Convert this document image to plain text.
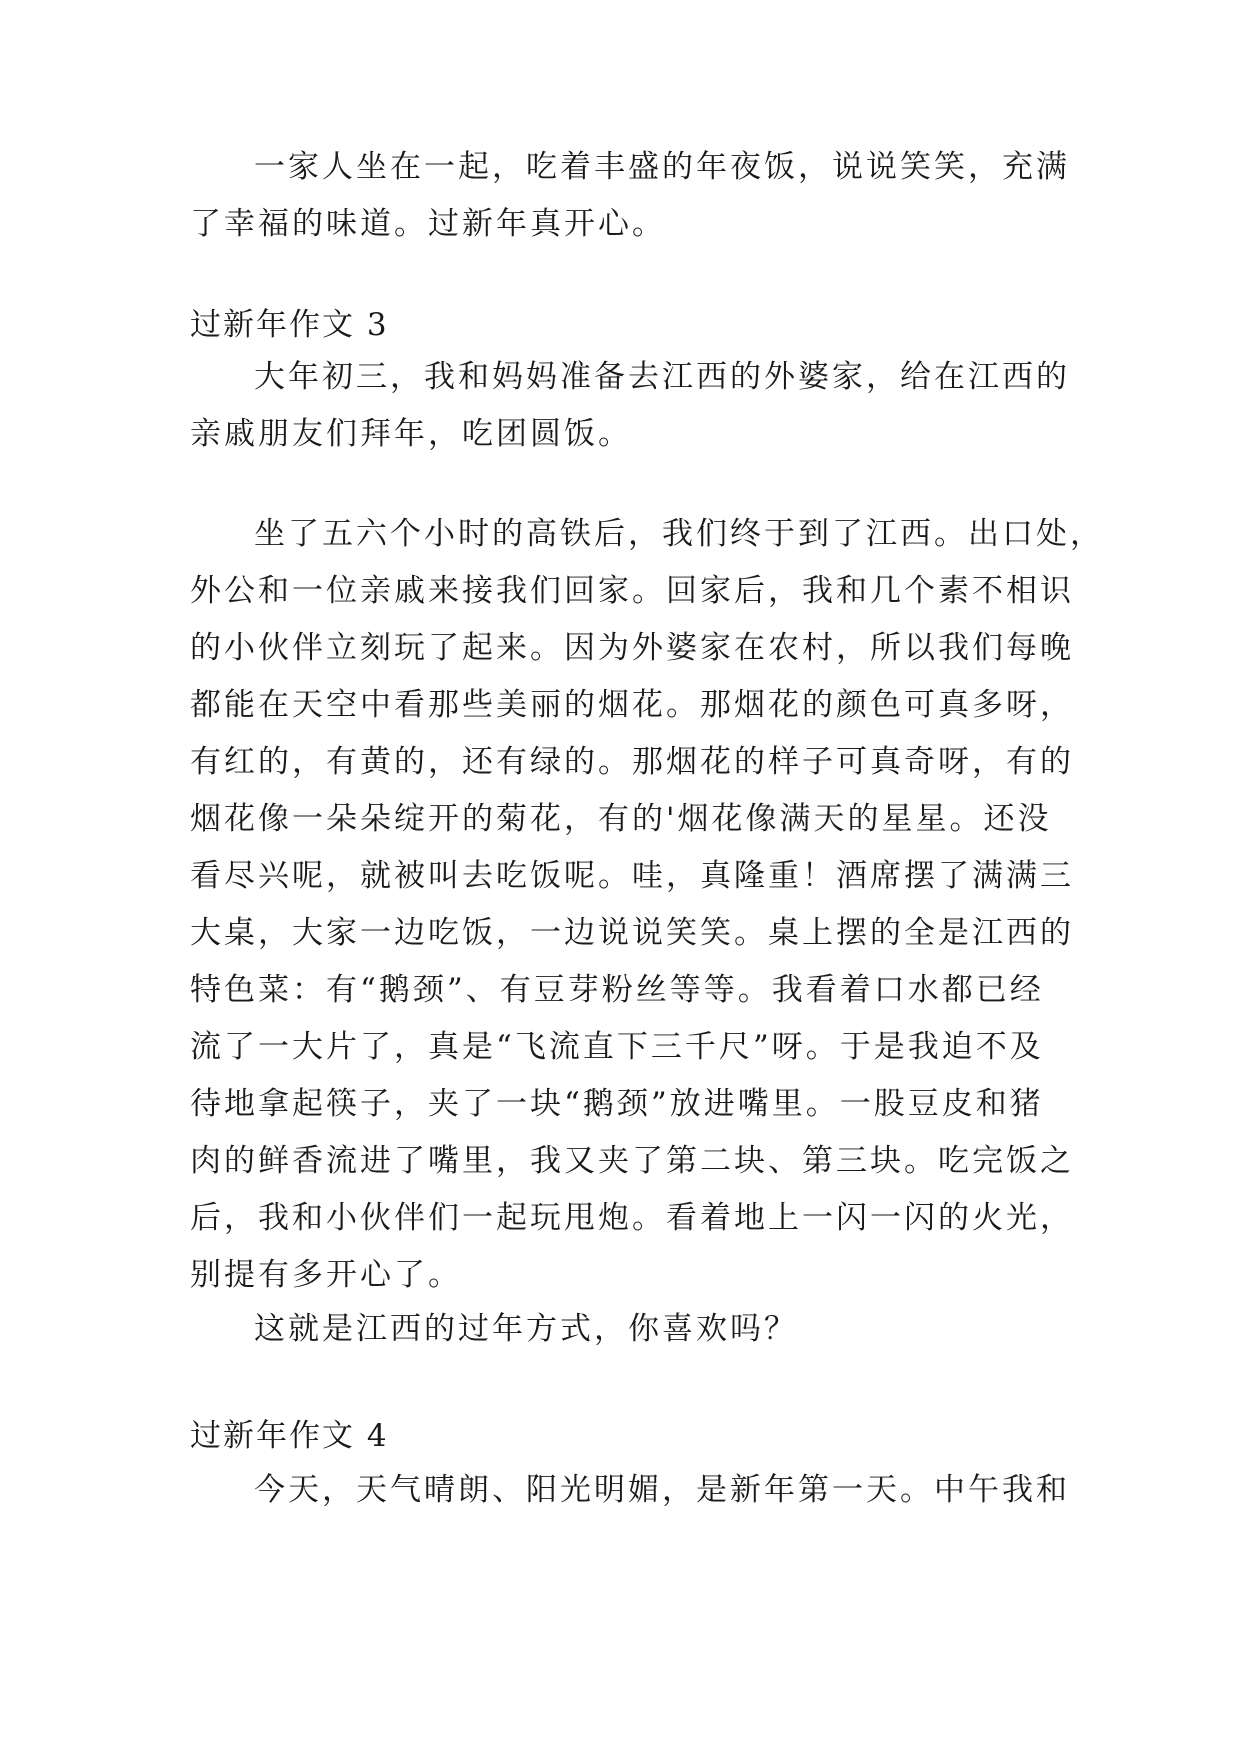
一家人坐在一起，吃着丰盛的年夜饭，说说笑笑，充满
了幸福的味道。过新年真开心。
过新年作文 3
大年初三，我和妈妈准备去江西的外婆家，给在江西的
亲戚朋友们拜年，吃团圆饭。
坐了五六个小时的高铁后，我们终于到了江西。出口处，
外公和一位亲戚来接我们回家。回家后，我和几个素不相识
的小伙伴立刻玩了起来。因为外婆家在农村，所以我们每晚
都能在天空中看那些美丽的烟花。那烟花的颜色可真多呀，
有红的，有黄的，还有绿的。那烟花的样子可真奇呀，有的
烟花像一朵朵绽开的菊花，有的'烟花像满天的星星。还没
看尽兴呢，就被叫去吃饭呢。哇，真隆重！酒席摆了满满三
大桌，大家一边吃饭，一边说说笑笑。桌上摆的全是江西的
特色菜：有“鹅颈”、有豆芽粉丝等等。我看着口水都已经
流了一大片了，真是“飞流直下三千尺”呀。于是我迫不及
待地拿起筷子，夹了一块“鹅颈”放进嘴里。一股豆皮和猪
肉的鲜香流进了嘴里，我又夹了第二块、第三块。吃完饭之
后，我和小伙伴们一起玩甩炮。看着地上一闪一闪的火光，
别提有多开心了。
这就是江西的过年方式，你喜欢吗？
过新年作文 4
今天，天气晴朗、阳光明媚，是新年第一天。中午我和
